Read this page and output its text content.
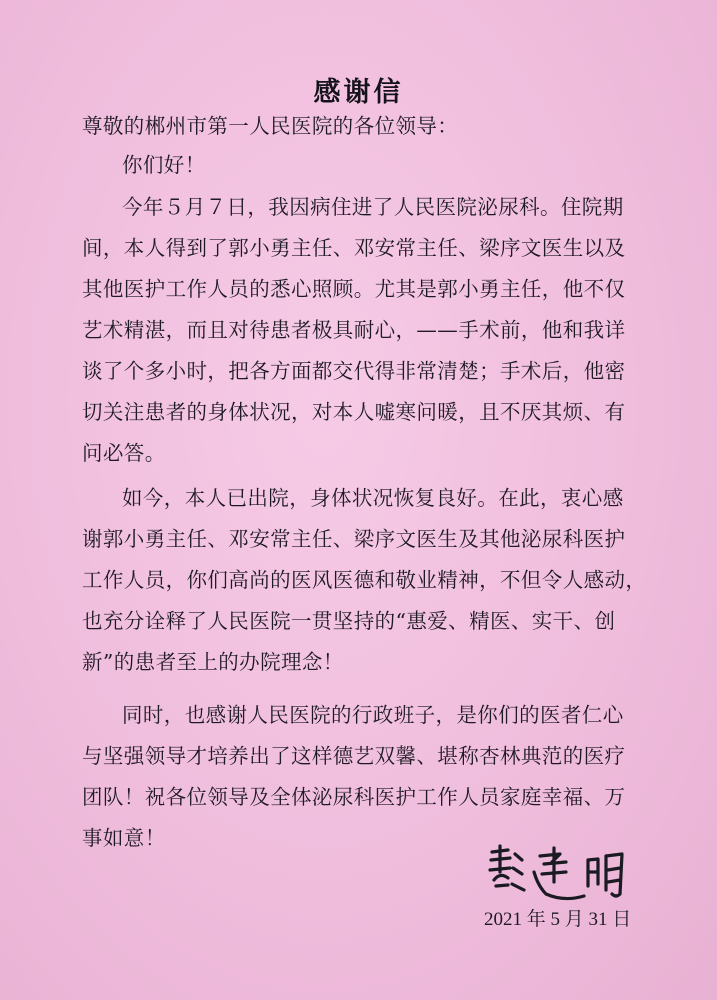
感谢信
尊敬的郴州市第一人民医院的各位领导：
你们好！
今年５月７日，我因病住进了人民医院泌尿科。住院期
间，本人得到了郭小勇主任、邓安常主任、梁序文医生以及
其他医护工作人员的悉心照顾。尤其是郭小勇主任，他不仅
艺术精湛，而且对待患者极具耐心，——手术前，他和我详
谈了个多小时，把各方面都交代得非常清楚；手术后，他密
切关注患者的身体状况，对本人嘘寒问暖，且不厌其烦、有
问必答。
如今，本人已出院，身体状况恢复良好。在此，衷心感
谢郭小勇主任、邓安常主任、梁序文医生及其他泌尿科医护
工作人员，你们高尚的医风医德和敬业精神，不但令人感动，
也充分诠释了人民医院一贯坚持的“惠爱、精医、实干、创
新”的患者至上的办院理念！
同时，也感谢人民医院的行政班子，是你们的医者仁心
与坚强领导才培养出了这样德艺双馨、堪称杏林典范的医疗
团队！祝各位领导及全体泌尿科医护工作人员家庭幸福、万
事如意！
2021 年 5 月 31 日
